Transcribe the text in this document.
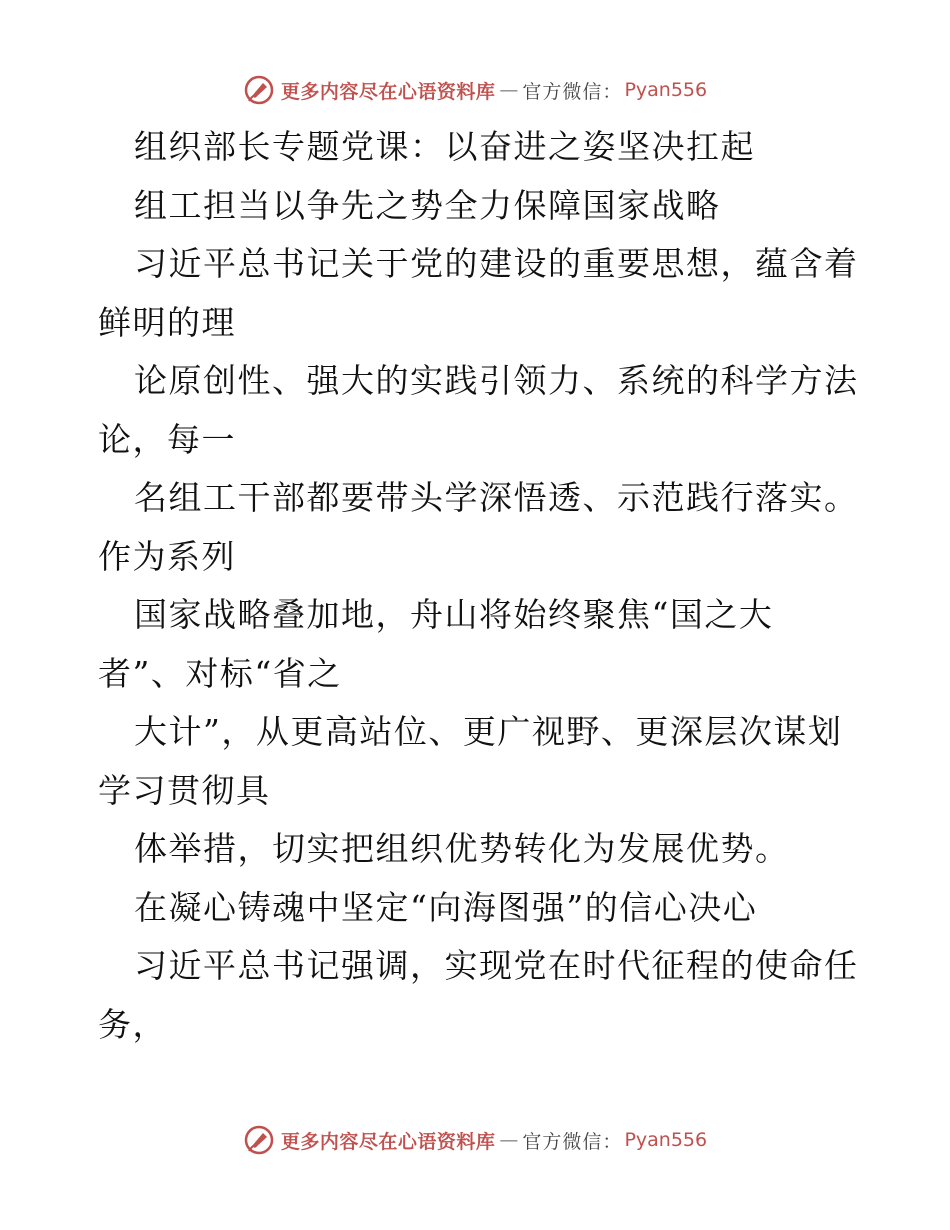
更多内容尽在心语资料库 — 官方微信： Pyan556
组织部长专题党课：以奋进之姿坚决扛起
组工担当以争先之势全力保障国家战略
习近平总书记关于党的建设的重要思想，蕴含着
鲜明的理
论原创性、强大的实践引领力、系统的科学方法
论，每一
名组工干部都要带头学深悟透、示范践行落实。
作为系列
国家战略叠加地，舟山将始终聚焦“国之大
者”、对标“省之
大计”，从更高站位、更广视野、更深层次谋划
学习贯彻具
体举措，切实把组织优势转化为发展优势。
在凝心铸魂中坚定“向海图强”的信心决心
习近平总书记强调，实现党在时代征程的使命任
务，
更多内容尽在心语资料库 — 官方微信： Pyan556
